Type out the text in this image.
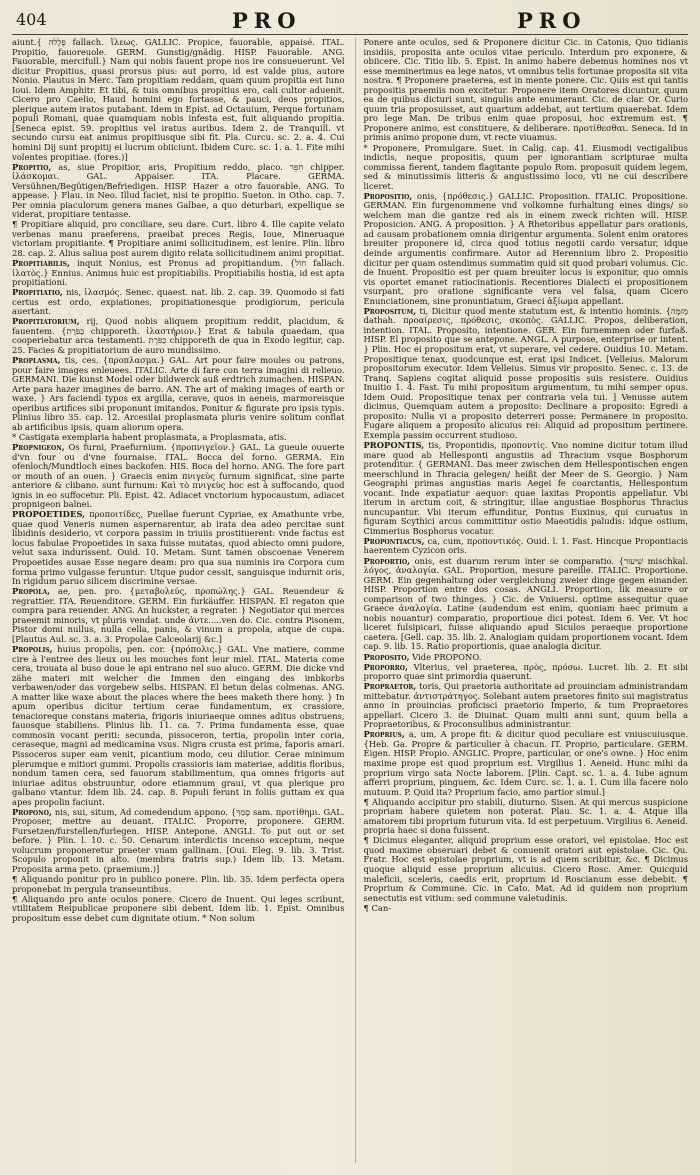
404	PRO	PRO

aiunt.{ פֶּלֶלהּ fallach. ἵλεως. GALLIC. Propice, fauorable, appaisé. ITAL. Propitio, fauoreuole. GERM. Gunstig/gnädig. HISP. Fauorable. ANG. Fauorable, mercifull.} Nam qui nobis fauent prope nos ire consueuerunt. Vel dicitur Propitius, quasi prorsus pius: aut porro, id est valde pius, autore Nonio. Plautus in Merc. Tam propitiam reddam, quam quum propitia est Iuno Ioui. Idem Amphitr. Et tibi, & tuis omnibus propitius ero, cali cultor aduenit. Cicero pro Caelio, Haud homini ego fortasse, & pauci, deos propitios, plerique autem iratos putabant. Idem in Epist. ad Octauium, Perque fortunam populi Romani, quae quamquam nobis infesta est, fuit aliquando propitia. [Seneca epist. 59. propitius vel iratus auribus. Idem 2. de Tranquill. vt secundo cursu eat animus propitiusque sibi fit. Pla. Curcu. sc. 2. a. 4. Cui homini Dij sunt propitij ei lucrum obiiciunt. Ibidem Curc. sc. 1. a. 1. Fite mihi volentes propitiae. (fores.)]

Propitio, as, siue Propitior, aris, Propitium reddo, placo. חִפֵּר chipper. ἱλάσκομαι. GAL. Appaiser. ITA. Placare. GERMA. Versühnen/Begütigen/Befriedigen. HISP. Hazer a otro fauorable. ANG. To appease. } Flau. in Neo. Illud faciet, nisi te propitio. Sueton. in Otho. cap. 7. Per omnia piaculorum genera manes Galbae, a quo deturbari, expellique se viderat, propitiare tentasse.

¶ Propitiare aliquid, pro conciliare, seu dare. Curt. libro 4. Ille capite velato verbenas manu praeferens, praeibat preces Regis, Ioue, Mineruaque victoriam propitiante. ¶ Propitiare animi sollicitudinem, est lenire. Plin. libro 28. cap. 2. Alius saliua post aurem digito relata sollicitudinem animi propitiat.

Propitiabilis, inquit Nonius, est Pronus ad propitiandum. {חוֹל fallach. ἱλατὸς.} Ennius. Animus huic est propitiabilis. Propitiabilis hostia, id est apta propitiationi.

Propitiatio, nis, ἱλασμός. Senec. quaest. nat. lib. 2. cap. 39. Quomodo si fati certus est ordo, expiationes, propitiationesque prodigiorum, pericula auertant.

Propitiatorium, rij, Quod nobis aliquem propitium reddit, placidum, & fauentem. {כַּפֹּרֶת chipporeth. ἱλαστήριον.} Erat & tabula quaedam, qua cooperiebatur arca testamenti. כַּפֹּרֶת chipporeth de qua in Exodo legitur, cap. 25. Facies & propitiatorium de auro mundissimo.

Proplasma, tis, ces. {προπλασμα.} GAL. Art pour faire moules ou patrons, pour faire images enleuees. ITALIC. Arte di fare con terra imagini di relieuo. GERMANI. Die kunst Model oder bildwerck auß erdtrich zumachen. HISPAN. Arte para hazer imagines de barro. AN. The art of making images of earth or waxe. } Ars faciendi typos ex argilla, cerave, quos in aeneis, marmoreisque operibus artifices sibi proponunt imitandos. Ponitur & figurate pro ipsis typis. Plinius libro 35. cap. 12. Arcesilai proplasmata pluris venire solitum conflat ab artificibus ipsis, quam aliorum opera.

* Castigata exemplaria habent proplasmata, a Proplasmata, atis.

Propnigeon, Os furni, Praefurnium. {προπνιγεῖον.} GAL. La gueule ouuerte d'vn four ou d'vne fournaise. ITAL. Bocca del forno. GERMA. Ein ofenloch/Mundtloch eines backofen. HIS. Boca del horno. ANG. The fore part or mouth of an ouen. } Graecis enim πνιγεὺς furnum significat, sine parte anteriore & clibano. sunt furnum: Καὶ τὸ πνιγεὺς hoc est à suffocando, quod ignis in eo suffocetur. Pli. Epist. 42. Adiacet vnctorium hypocaustum, adiacet propnigeon balnei.

PROPOETIDES, προποιτίδες, Puellae fuerunt Cypriae, ex Amathunte vrbe, quae quod Veneris numen aspernarentur, ab irata dea adeo percitae sunt libidinis desiderio, vt corpora passim in triuiis prostituerent: vnde factus est locus fabulae Propoetides in saxa fuisse mutatas, quod abiecto omni pudore, velut saxa indurissent. Ouid. 10. Metam. Sunt tamen obscoenae Venerem Propoetides ausae Esse negare deam: pro qua sua numinis ira Corpora cum forma primo vulgasse feruntur: Utque pudor cessit, sanguisque indurnit oris, In rigidum paruo silicem discrimine versae.

Propola, ae, pen. pro. {μεταβολεύς, προπώλης.} GAL. Reuendeur & regrattier. ITA. Reuenditore. GERM. Ein furkäuffer. HISPAN. El regaton que compra para reuender. ANG. An huckster, a regrater. } Negotiator qui merces praeemit minoris, vt pluris vendat. unde ἀντε.....ven do. Cic. contra Pisonem, Pistor domi nullus, nulla cella, panis, & vinum a propola, atque de cupa. [Plautus Aul. sc. 3. a. 3. Propolae Calceolarij &c.]

Propolis, huius propolis, pen. cor. {πρόπολις.} GAL. Vne matiere, comme cire à l'entree des lieux ou les mouches font leur miel. ITAL. Materia come cera, trouata al buso doue le api entrano nel suo aluco. GERM. Die dicke vnd zähe materi mit welcher die Immen den eingang des imbkorbs verbawen/oder das vorgebew selbs. HISPAN. El betun delas colmenas. ANG. A matter like waxe about the places where the bees maketh there hony. } In apum operibus dicitur tertium cerae fundamentum, ex crassiore, tenacioreque constans materia, frigoris iniuriaeque omnes aditus obstruens, fauosque stabiliens. Plinius lib. 11. ca. 7. Prima fundamenta esse, quae commosin vocant periti: secunda, pissoceron, tertia, propolin inter coria, ceraseque, magni ad medicamina vsus. Nigra crusta est prima, faporis amari. Pissoceros super eam venit, picantium modo, ceu dilutior. Cerae minimum plerumque e mitiori gummi. Propolis crassioris iam materiae, additis floribus, nondum tamen cera, sed fauorum stabilimentum, qua omnes frigoris aut iniuriae aditus obstruuntur, odore etiamnum graui, vt qua plerique pro galbano vtantur. Idem lib. 24. cap. 8. Populi ferunt in foliis guttam ex qua apes propolin faciunt.

Propono, nis, sui, situm, Ad comedendum appono. {סָמַךְ sam. προτίθημι. GAL. Proposer, mettre au deuant. ITALIC. Proporre, proponere. GERM. Fursetzen/furstellen/furlegen. HISP. Antepone. ANGLI. To put out or set before. } Plin. l. 10. c. 50. Cenarum interdictis incenso exceptum, neque volucrum proponeretur praeter vnam gallinam. [Oui. Eleg. 9. lib. 3. Trist. Scopulo proponit in alto. (membra fratris sup.) Idem lib. 13. Metam. Proposita arma peto. (praemium.)]

¶ Aliquando ponitur pro in publico ponere. Plin. lib. 35. Idem perfecta opera proponebat in pergula transeuntibus.

¶ Aliquando pro ante oculos ponere. Cicero de Inuent. Qui leges scribunt, vtilitatem Reipublicae proponere sibi debent. Idem lib. 1. Epist. Omnibus propositum esse debet cum dignitate otium. * Non solum

Ponere ante oculos, sed & Proponere dicitur Cic. in Catonis, Quo tidianis insidiis, proposita ante oculos vitae periculo. Interdum pro exponere, & obiicere. Cic. Titio lib. 5. Epist. In animo habere debemus homines nos vt esse meminerimus ea lege natos, vt omnibus telis fortunae proposita sit vita nostra. ¶ Proponere praeterea, est in mente ponere. Cic. Quis est qui tantis propositis praemiis non excitetur. Proponere item Oratores dicuntur, quum ea de quibus dicturi sunt, singulis ante enumerant. Cic. de clar. Or. Curio quum tria proposuisset, aut quartum addebat, aut tertium quaerebat. Idem pro lege Man. De tribus enim quae proposui, hoc extremum est. ¶ Proponere animo, est constituere, & deliberare. προτίθεσθαι. Seneca. Id in primis animo propone dum, vt recte viuamus.

* Proponere, Promulgare. Suet. in Calig. cap. 41. Eiusmodi vectigalibus indictis, neque propositis, quum per ignorantiam scripturae multa commissa fierent, tandem flagitante populo Rom. proposuit quidem legem, sed & minutissimis litteris & angustissimo loco, vti ne cui describere liceret.

Propositio, onis, {πρόθεσις.} GALLIC. Proposition. ITALIC. Propositione. GERMAN. Ein furgenommene vnd volkomne furhaltung eines dings/ so welchem man die gantze red als in einem zweck richten will. HISP. Proposicion. ANG. A proposition. } A Rhetoribus appellatur pars orationis, ad causam probationem omnia dirigentur argumenta. Solent enim oratores breuiter proponere id, circa quod totius negotii cardo versatur, idque deinde argumentis confirmare. Autor ad Herennium libro 2. Propositio dicitur per quam ostendimus summatim quid sit quod probari volumus. Cic. de Inuent. Propositio est per quam breuiter locus is exponitur, quo omnis vis oportet emanet ratiocinationis. Recentiores Dialecti ei propositionem vsurpant, pro oratione significante vera vel falsa, quam Cicero Enunciationem, sine pronuntiatum, Graeci ἀξίωμα appellant.

Propositum, ti, Dicitur quod mente statutum est, & intentio hominis. {מְזִמָּה dathah. προαίρεσις, πρόθεσις, σκοπὸς. GALLIC. Propos, deliberation, intention. ITAL. Proposito, intentione. GER. Ein furnemmen oder furfaß. HISP. El proposito que se antepone. ANGL. A purpose, enterprise or intent. } Plin. Hoc ei propositum erat, vt superare, vel cedere. Ouidius 10. Metam. Propositique tenax, quodcunque est, erat ipsi Indicet. [Velleius. Malorum propositorum executor. Idem Velleius. Simus vir proposito. Senec. c. 13. de Tranq. Sapiens cogitat aliquid posse propositis suis resistere. Ouidius Inuitio 1. 4. Fast. Tu mihi propositum argumentum, tu mihi semper opus. Idem Ouid. Propositique tenax per contraria vela tui. ] Venusse autem dicimus, Quemquam autem a proposito: Declinare a proposito: Egredi a proposito: Nulla vi a proposito deterreri posse: Permanere in proposito. Fugare aliquem a proposito alicuius rei: Aliquid ad propositum pertinere. Exempla passim occurrent studioso.

PROPONTIS, tis, Propontidis, προποντίς. Vno nomine dicitur totum illud mare quod ab Hellesponti angustiis ad Thracium vsque Bosphorum protenditur. { GERMANI. Das meer zwischen dem Hellespontischen engen meerschlund in Thracia gelegen/ heißt der Meer de S. Georgio. } Nam Geographi primas angustias maris Aegei fe coarctantis, Hellespontum vocant. Inde expatiatur aequor: quae laxitas Propontis appellatur. Vbi iterum in arctum coit, & stringitur, illae angustiae Bosphorus Thracius nuncupantur. Vbi iterum effunditur, Pontus Euxinus, qui curuatus in figuram Scythici arcus committitur ostio Maeotidis paludis: idque ostium, Cimmerius Bosphorus vocatur.

Propontiacus, ca, cum, προποντικός. Ouid. l. 1. Fast. Hincque Propontiacis haerentem Cyzicon oris.

Proportio, onis, est duarum rerum inter se comparatio. {שִׁיעוּר mischkal. λόγος, ἀναλογία. GAL. Proportion, mesure pareille. ITALIC. Proportione. GERM. Ein gegenhaltung oder vergleichung zweier dinge gegen einander. HISP. Proportion entre dos cosas. ANGLI. Proportion, lik measure or comparison of two thinges. } Cic. de Vniuersi. optime assequitur quae Graece ἀναλογία. Latine (audendum est enim, quoniam haec primum a nobis nouantur) comparatio, proportioue dici potest. Idem 6. Ver. Vt hoc liceret fulsipicari, fuisse aliquando apud Siculos peraeque proportione caetera. [Gell. cap. 35. lib. 2. Analogiam quidam proportionem vocant. Idem cap. 9. lib. 15. Ratio proportionis, quae analogia dicitur.

Proposito, Vide PROPONO.

Proporro, Vlterius, vel praeterea, πρὸς, πρόσω. Lucret. lib. 2. Et sibi proporro quae sint primordia quaerunt.

Propraetor, toris, Qui praetoria authoritate ad prouinciam administrandam mittebatur. ἀντιστράτηγος. Solebant autem praetores finito sui magistratus anno in prouincias proficisci praetorio Imperio, & tum Propraetores appellari. Cicero 3. de Diuinat. Quam multi anni sunt, quum bella a Propraetoribus, & Proconsulibus administrantur.

Proprius, a, um, A prope fit: & dicitur quod peculiare est vniuscuiusque. {Heb. Ga. Propre & particulier à chacun. IT. Proprio, particulare. GERM. Eigen. HISP. Propio. ANGLIC. Propre, particular, or one's owne. } Hoc enim maxime prope est quod proprium est. Virgilius 1. Aeneid. Hunc mihi da proprium virgo sata Nocte laborem. [Plin. Capt. sc. 1. a. 4. Iube agnum afferri proprium, pinguem, &c. Idem Curc. sc. 1. a. 1. Cum illa facere nolo mutuum. P. Quid ita? Proprium facio, amo partior simul.]

¶ Aliquando accipitur pro stabili, diuturno. Sisen. At qui mercus suspicione propriam habere quietem non poterat. Plau. Sc. 1. a. 4. Atque illa amatorem tibi proprium futurum vita. Id est perpetuum. Virgilius 6. Aeneid. propria haec si dona fuissent.

¶ Dicimus eleganter, aliquid proprium esse oratori, vel epistolae. Hoc est quod maxime obseruari debet & conuenit oratori aut epistolae. Cic. Qu. Fratr. Hoc est epistolae proprium, vt is ad quem scribitur, &c. ¶ Dicimus quoque aliquid esse proprium alicuius. Cicero Rosc. Amer. Quicquid maleficii, sceleris, caedis erit, proprium id Roscianum esse debebit. ¶ Proprium & Commune. Cic. in Cato. Mat. Ad id quidem non proprium senectutis est vitium: sed commune valetudinis.

¶ Can-
